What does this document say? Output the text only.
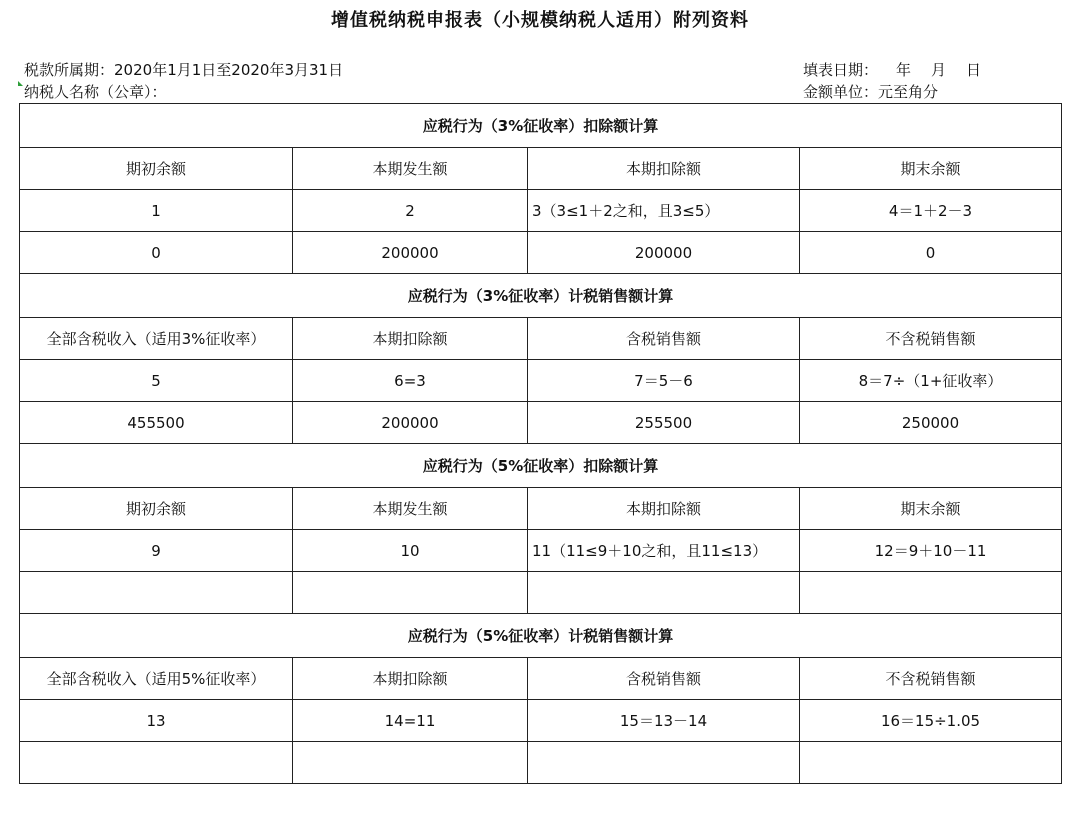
增值税纳税申报表（小规模纳税人适用）附列资料
税款所属期：2020年1月1日至2020年3月31日
纳税人名称（公章）：
填表日期： 年 月 日
金额单位：元至角分
应税行为（3%征收率）扣除额计算			
期初余额	本期发生额	本期扣除额	期末余额
1	2	3（3≤1＋2之和，且3≤5）	4＝1＋2－3
0	200000	200000	0
应税行为（3%征收率）计税销售额计算			
全部含税收入（适用3%征收率）	本期扣除额	含税销售额	不含税销售额
5	6=3	7＝5－6	8＝7÷（1+征收率）
455500	200000	255500	250000
应税行为（5%征收率）扣除额计算			
期初余额	本期发生额	本期扣除额	期末余额
9	10	11（11≤9＋10之和，且11≤13）	12＝9＋10－11

应税行为（5%征收率）计税销售额计算			
全部含税收入（适用5%征收率）	本期扣除额	含税销售额	不含税销售额
13	14=11	15＝13－14	16＝15÷1.05
